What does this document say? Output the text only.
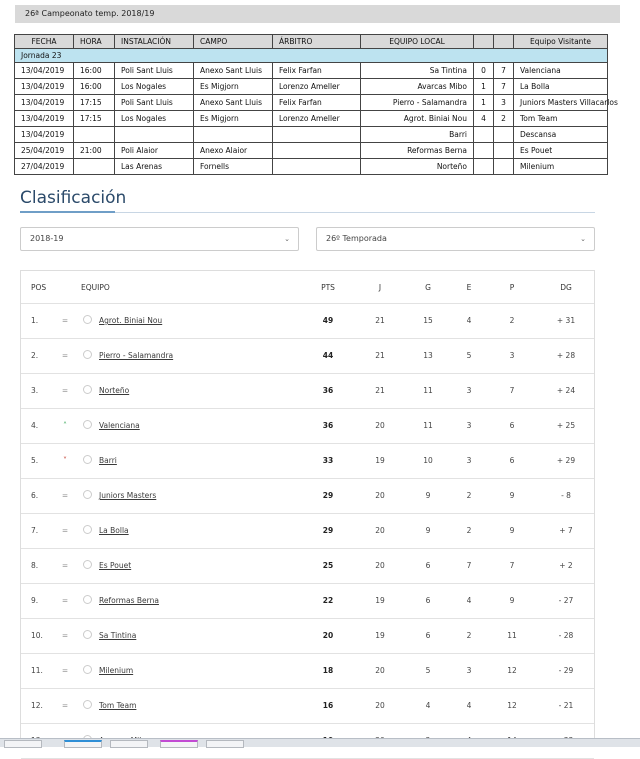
26ª Campeonato temp. 2018/19
FECHA	HORA	INSTALACIÓN	CAMPO	ÁRBITRO	EQUIPO LOCAL			Equipo Visitante
Jornada 23								
13/04/2019	16:00	Poli Sant Lluis	Anexo Sant Lluis	Felix Farfan	Sa Tintina	0	7	Valenciana
13/04/2019	16:00	Los Nogales	Es Migjorn	Lorenzo Ameller	Avarcas Mibo	1	7	La Bolla
13/04/2019	17:15	Poli Sant Lluis	Anexo Sant Lluis	Felix Farfan	Pierro - Salamandra	1	3	Juniors Masters Villacarlos
13/04/2019	17:15	Los Nogales	Es Migjorn	Lorenzo Ameller	Agrot. Biniai Nou	4	2	Tom Team
13/04/2019					Barri			Descansa
25/04/2019	21:00	Poli Alaior	Anexo Alaior		Reformas Berna			Es Pouet
27/04/2019		Las Arenas	Fornells		Norteño			Milenium
Clasificación
2018-19	⌄	26º Temporada	⌄
POS	EQUIPO	PTS	J	G	E	P	DG
1.	=	Agrot. Biniai Nou	49	21	15	4	2	+ 31
2.	=	Pierro - Salamandra	44	21	13	5	3	+ 28
3.	=	Norteño	36	21	11	3	7	+ 24
4.	˄	Valenciana	36	20	11	3	6	+ 25
5.	˅	Barri	33	19	10	3	6	+ 29
6.	=	Juniors Masters	29	20	9	2	9	- 8
7.	=	La Bolla	29	20	9	2	9	+ 7
8.	=	Es Pouet	25	20	6	7	7	+ 2
9.	=	Reformas Berna	22	19	6	4	9	- 27
10.	=	Sa Tintina	20	19	6	2	11	- 28
11.	=	Milenium	18	20	5	3	12	- 29
12.	=	Tom Team	16	20	4	4	12	- 21
